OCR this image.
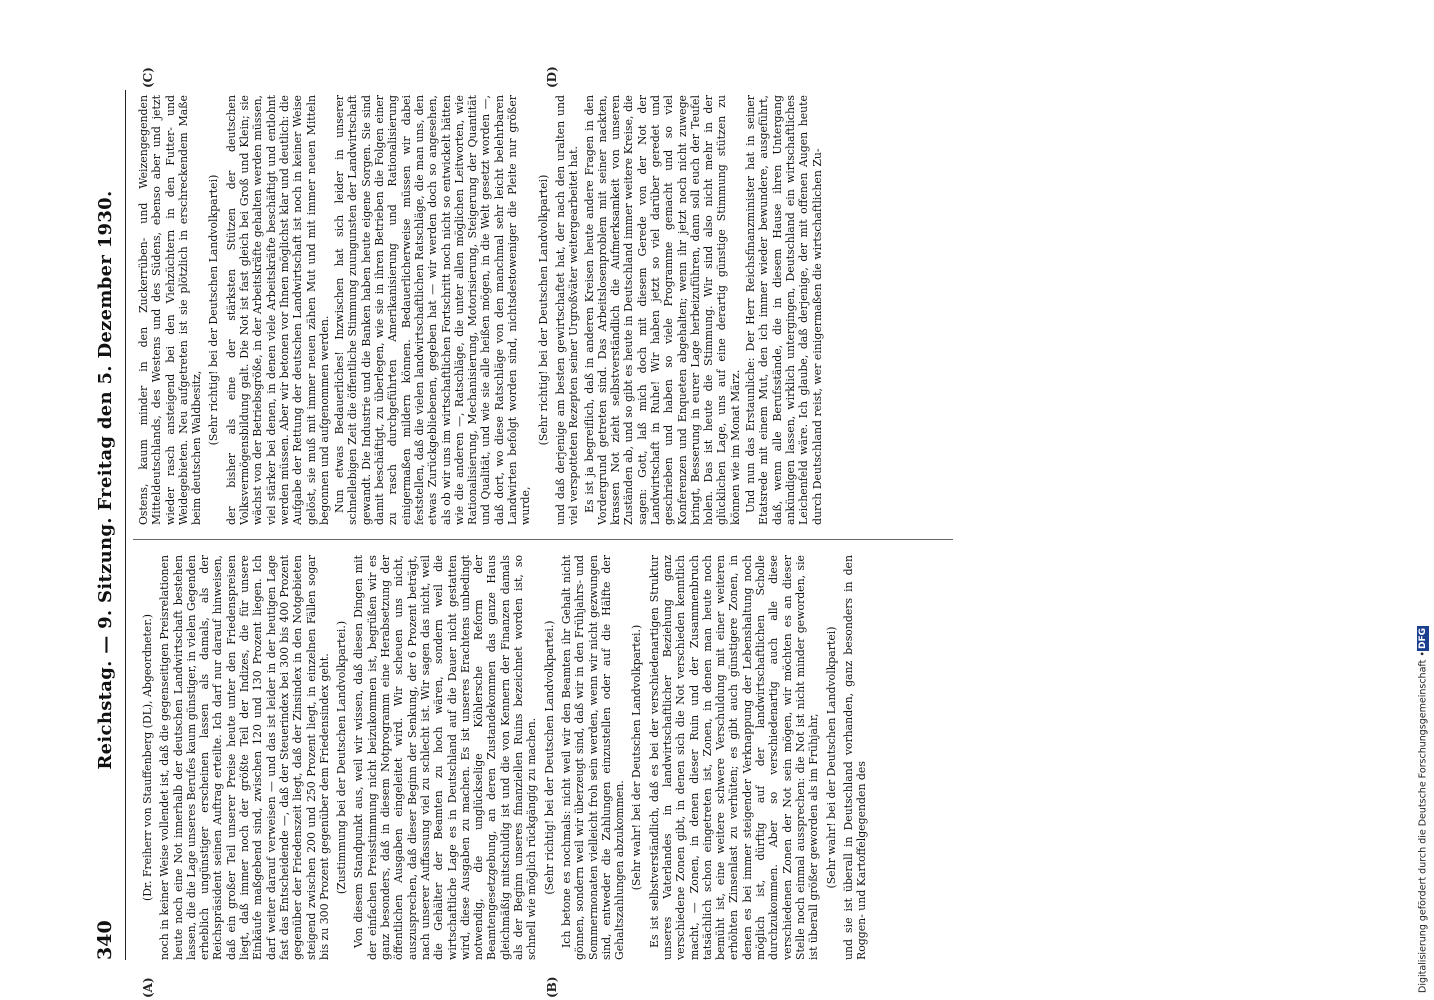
340
Reichstag. — 9. Sitzung. Freitag den 5. Dezember 1930.
(A)	(B)
(C)	(D)

(Dr. Freiherr von Stauffenberg (DL), Abgeordneter.) noch in keiner Weise vollendet ist, daß die gegenseitigen Preisrelationen heute noch eine Not innerhalb der deutschen Landwirtschaft bestehen lassen, die die Lage unseres Berufes kaum günstiger, in vielen Gegenden erheblich ungünstiger erscheinen lassen als damals, als der Reichspräsident seinen Auftrag erteilte. Ich darf nur darauf hinweisen, daß ein großer Teil unserer Preise heute unter den Friedenspreisen liegt, daß immer noch der größte Teil der Indizes, die für unsere Einkäufe maßgebend sind, zwischen 120 und 130 Prozent liegen. Ich darf weiter darauf verweisen — und das ist leider in der heutigen Lage fast das Entscheidende —, daß der Steuerindex bei 300 bis 400 Prozent gegenüber der Friedenszeit liegt, daß der Zinsindex in den Notgebieten steigend zwischen 200 und 250 Prozent liegt, in einzelnen Fällen sogar bis zu 300 Prozent gegenüber dem Friedensindex geht. (Zustimmung bei der Deutschen Landvolkpartei.) Von diesem Standpunkt aus, weil wir wissen, daß diesen Dingen mit der einfachen Preisstimmung nicht beizukommen ist, begrüßen wir es ganz besonders, daß in diesem Notprogramm eine Herabsetzung der öffentlichen Ausgaben eingeleitet wird. Wir scheuen uns nicht, auszusprechen, daß dieser Beginn der Senkung, der 6 Prozent beträgt, nach unserer Auffassung viel zu schlecht ist. Wir sagen das nicht, weil die Gehälter der Beamten zu hoch wären, sondern weil die wirtschaftliche Lage es in Deutschland auf die Dauer nicht gestatten wird, diese Ausgaben zu machen. Es ist unseres Erachtens unbedingt notwendig, die unglückselige Köhlersche Reform der Beamtengesetzgebung, an deren Zustandekommen das ganze Haus gleichmäßig mitschuldig ist und die von Kennern der Finanzen damals als der Beginn unseres finanziellen Ruins bezeichnet worden ist, so schnell wie möglich rückgängig zu machen. (Sehr richtig! bei der Deutschen Landvolkpartei.) Ich betone es nochmals: nicht weil wir den Beamten ihr Gehalt nicht gönnen, sondern weil wir überzeugt sind, daß wir in den Frühjahrs- und Sommermonaten vielleicht froh sein werden, wenn wir nicht gezwungen sind, entweder die Zahlungen einzustellen oder auf die Hälfte der Gehaltszahlungen abzukommen. (Sehr wahr! bei der Deutschen Landvolkpartei.) Es ist selbstverständlich, daß es bei der verschiedenartigen Struktur unseres Vaterlandes in landwirtschaftlicher Beziehung ganz verschiedene Zonen gibt, in denen sich die Not verschieden kenntlich macht, — Zonen, in denen dieser Ruin und der Zusammenbruch tatsächlich schon eingetreten ist, Zonen, in denen man heute noch bemüht ist, eine weitere schwere Verschuldung mit einer weiteren erhöhten Zinsenlast zu verhüten; es gibt auch günstigere Zonen, in denen es bei immer steigender Verknappung der Lebenshaltung noch möglich ist, dürftig auf der landwirtschaftlichen Scholle durchzukommen. Aber so verschiedenartig auch alle diese verschiedenen Zonen der Not sein mögen, wir möchten es an dieser Stelle noch einmal aussprechen: die Not ist nicht minder geworden, sie ist überall größer geworden als im Frühjahr, (Sehr wahr! bei der Deutschen Landvolkpartei) und sie ist überall in Deutschland vorhanden, ganz besonders in den Roggen- und Kartoffelgegenden des

Ostens, kaum minder in den Zuckerrüben- und Weizengegenden Mitteldeutschlands, des Westens und des Südens, ebenso aber und jetzt wieder rasch ansteigend bei den Viehzüchtern in den Futter- und Weidegebieten. Neu aufgetreten ist sie plötzlich in erschreckendem Maße beim deutschen Waldbesitz,

(Sehr richtig! bei der Deutschen Landvolkpartei) der bisher als eine der stärksten Stützen der deutschen Volksvermögensbildung galt. Die Not ist fast gleich bei Groß und Klein; sie wächst von der Betriebsgröße, in der Arbeitskräfte gehalten werden müssen, viel stärker bei denen, in denen viele Arbeitskräfte beschäftigt und entlohnt werden müssen. Aber wir betonen vor Ihnen möglichst klar und deutlich: die Aufgabe der Rettung der deutschen Landwirtschaft ist noch in keiner Weise gelöst, sie muß mit immer neuen zähen Mut und mit immer neuen Mitteln begonnen und aufgenommen werden. Nun etwas Bedauerliches! Inzwischen hat sich leider in unserer schnellebigen Zeit die öffentliche Stimmung zuungunsten der Landwirtschaft gewandt. Die Industrie und die Banken haben heute eigene Sorgen. Sie sind damit beschäftigt, zu überlegen, wie sie in ihren Betrieben die Folgen einer zu rasch durchgeführten Amerikanisierung und Rationalisierung einigermaßen mildern können. Bedauerlicherweise müssen wir dabei feststellen, daß die vielen landwirtschaftlichen Ratschläge, die man uns, den etwas Zurückgebliebenen, gegeben hat — wir werden doch so angesehen, als ob wir uns im wirtschaftlichen Fortschritt noch nicht so entwickelt hätten wie die anderen —, Ratschläge, die unter allen möglichen Leitworten, wie Rationalisierung, Mechanisierung, Motorisierung, Steigerung der Quantität und Qualität, und wie sie alle heißen mögen, in die Welt gesetzt worden —, daß dort, wo diese Ratschläge von den manchmal sehr leicht belehrbaren Landwirten befolgt worden sind, nichtsdestoweniger die Pleite nur größer wurde,

(Sehr richtig! bei der Deutschen Landvolkpartei) und daß derjenige am besten gewirtschaftet hat, der nach den uralten und viel verspotteten Rezepten seiner Urgroßväter weitergearbeitet hat. Es ist ja begreiflich, daß in anderen Kreisen heute andere Fragen in den Vordergrund getreten sind. Das Arbeitslosenproblem mit seiner nackten, krassen Not zieht selbstverständlich die Aufmerksamkeit von unseren Zuständen ab, und so gibt es heute in Deutschland immer weitere Kreise, die sagen: Gott, laß mich doch mit diesem Gerede von der Not der Landwirtschaft in Ruhe! Wir haben jetzt so viel darüber geredet und geschrieben und haben so viele Programme gemacht und so viel Konferenzen und Enqueten abgehalten; wenn ihr jetzt noch nicht zuwege bringt, Besserung in eurer Lage herbeizuführen, dann soll euch der Teufel holen. Das ist heute die Stimmung. Wir sind also nicht mehr in der glücklichen Lage, uns auf eine derartig günstige Stimmung stützen zu können wie im Monat März. Und nun das Erstaunliche: Der Herr Reichsfinanzminister hat in seiner Etatsrede mit einem Mut, den ich immer wieder bewundere, ausgeführt, daß, wenn alle Berufsstände, die in diesem Hause ihren Untergang ankündigen lassen, wirklich untergingen, Deutschland ein wirtschaftliches Leichenfeld wäre. Ich glaube, daß derjenige, der mit offenen Augen heute durch Deutschland reist, wer einigermaßen die wirtschaftlichen Zu-

Digitalisierung gefördert durch die Deutsche Forschungsgemeinschaft •
DFG
